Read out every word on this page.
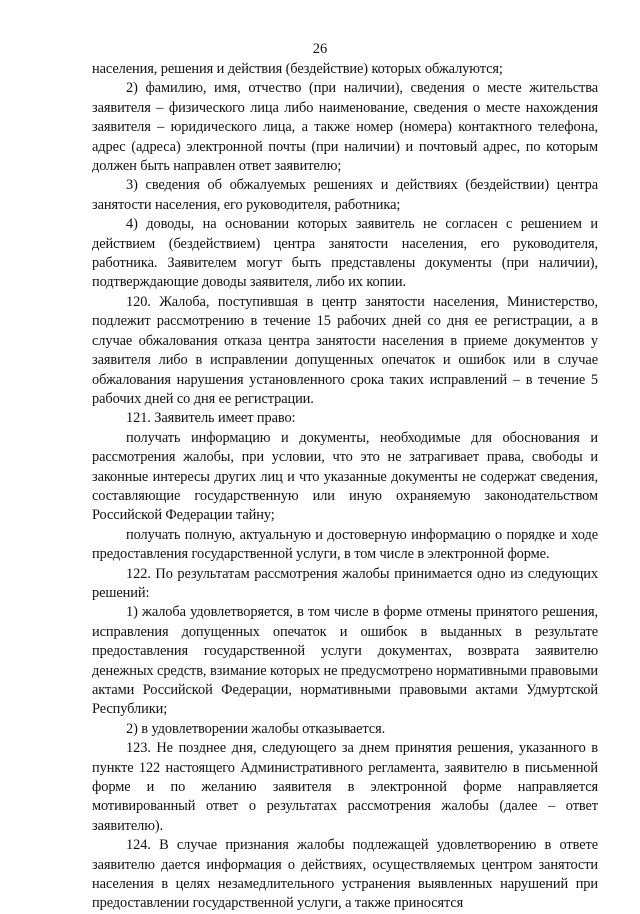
26

населения, решения и действия (бездействие) которых обжалуются;

2) фамилию, имя, отчество (при наличии), сведения о месте жительства заявителя – физического лица либо наименование, сведения о месте нахождения заявителя – юридического лица, а также номер (номера) контактного телефона, адрес (адреса) электронной почты (при наличии) и почтовый адрес, по которым должен быть направлен ответ заявителю;

3) сведения об обжалуемых решениях и действиях (бездействии) центра занятости населения, его руководителя, работника;

4) доводы, на основании которых заявитель не согласен с решением и действием (бездействием) центра занятости населения, его руководителя, работника. Заявителем могут быть представлены документы (при наличии), подтверждающие доводы заявителя, либо их копии.

120. Жалоба, поступившая в центр занятости населения, Министерство, подлежит рассмотрению в течение 15 рабочих дней со дня ее регистрации, а в случае обжалования отказа центра занятости населения в приеме документов у заявителя либо в исправлении допущенных опечаток и ошибок или в случае обжалования нарушения установленного срока таких исправлений – в течение 5 рабочих дней со дня ее регистрации.

121. Заявитель имеет право:

получать информацию и документы, необходимые для обоснования и рассмотрения жалобы, при условии, что это не затрагивает права, свободы и законные интересы других лиц и что указанные документы не содержат сведения, составляющие государственную или иную охраняемую законодательством Российской Федерации тайну;

получать полную, актуальную и достоверную информацию о порядке и ходе предоставления государственной услуги, в том числе в электронной форме.

122. По результатам рассмотрения жалобы принимается одно из следующих решений:

1) жалоба удовлетворяется, в том числе в форме отмены принятого решения, исправления допущенных опечаток и ошибок в выданных в результате предоставления государственной услуги документах, возврата заявителю денежных средств, взимание которых не предусмотрено нормативными правовыми актами Российской Федерации, нормативными правовыми актами Удмуртской Республики;

2) в удовлетворении жалобы отказывается.

123. Не позднее дня, следующего за днем принятия решения, указанного в пункте 122 настоящего Административного регламента, заявителю в письменной форме и по желанию заявителя в электронной форме направляется мотивированный ответ о результатах рассмотрения жалобы (далее – ответ заявителю).

124. В случае признания жалобы подлежащей удовлетворению в ответе заявителю дается информация о действиях, осуществляемых центром занятости населения в целях незамедлительного устранения выявленных нарушений при предоставлении государственной услуги, а также приносятся
